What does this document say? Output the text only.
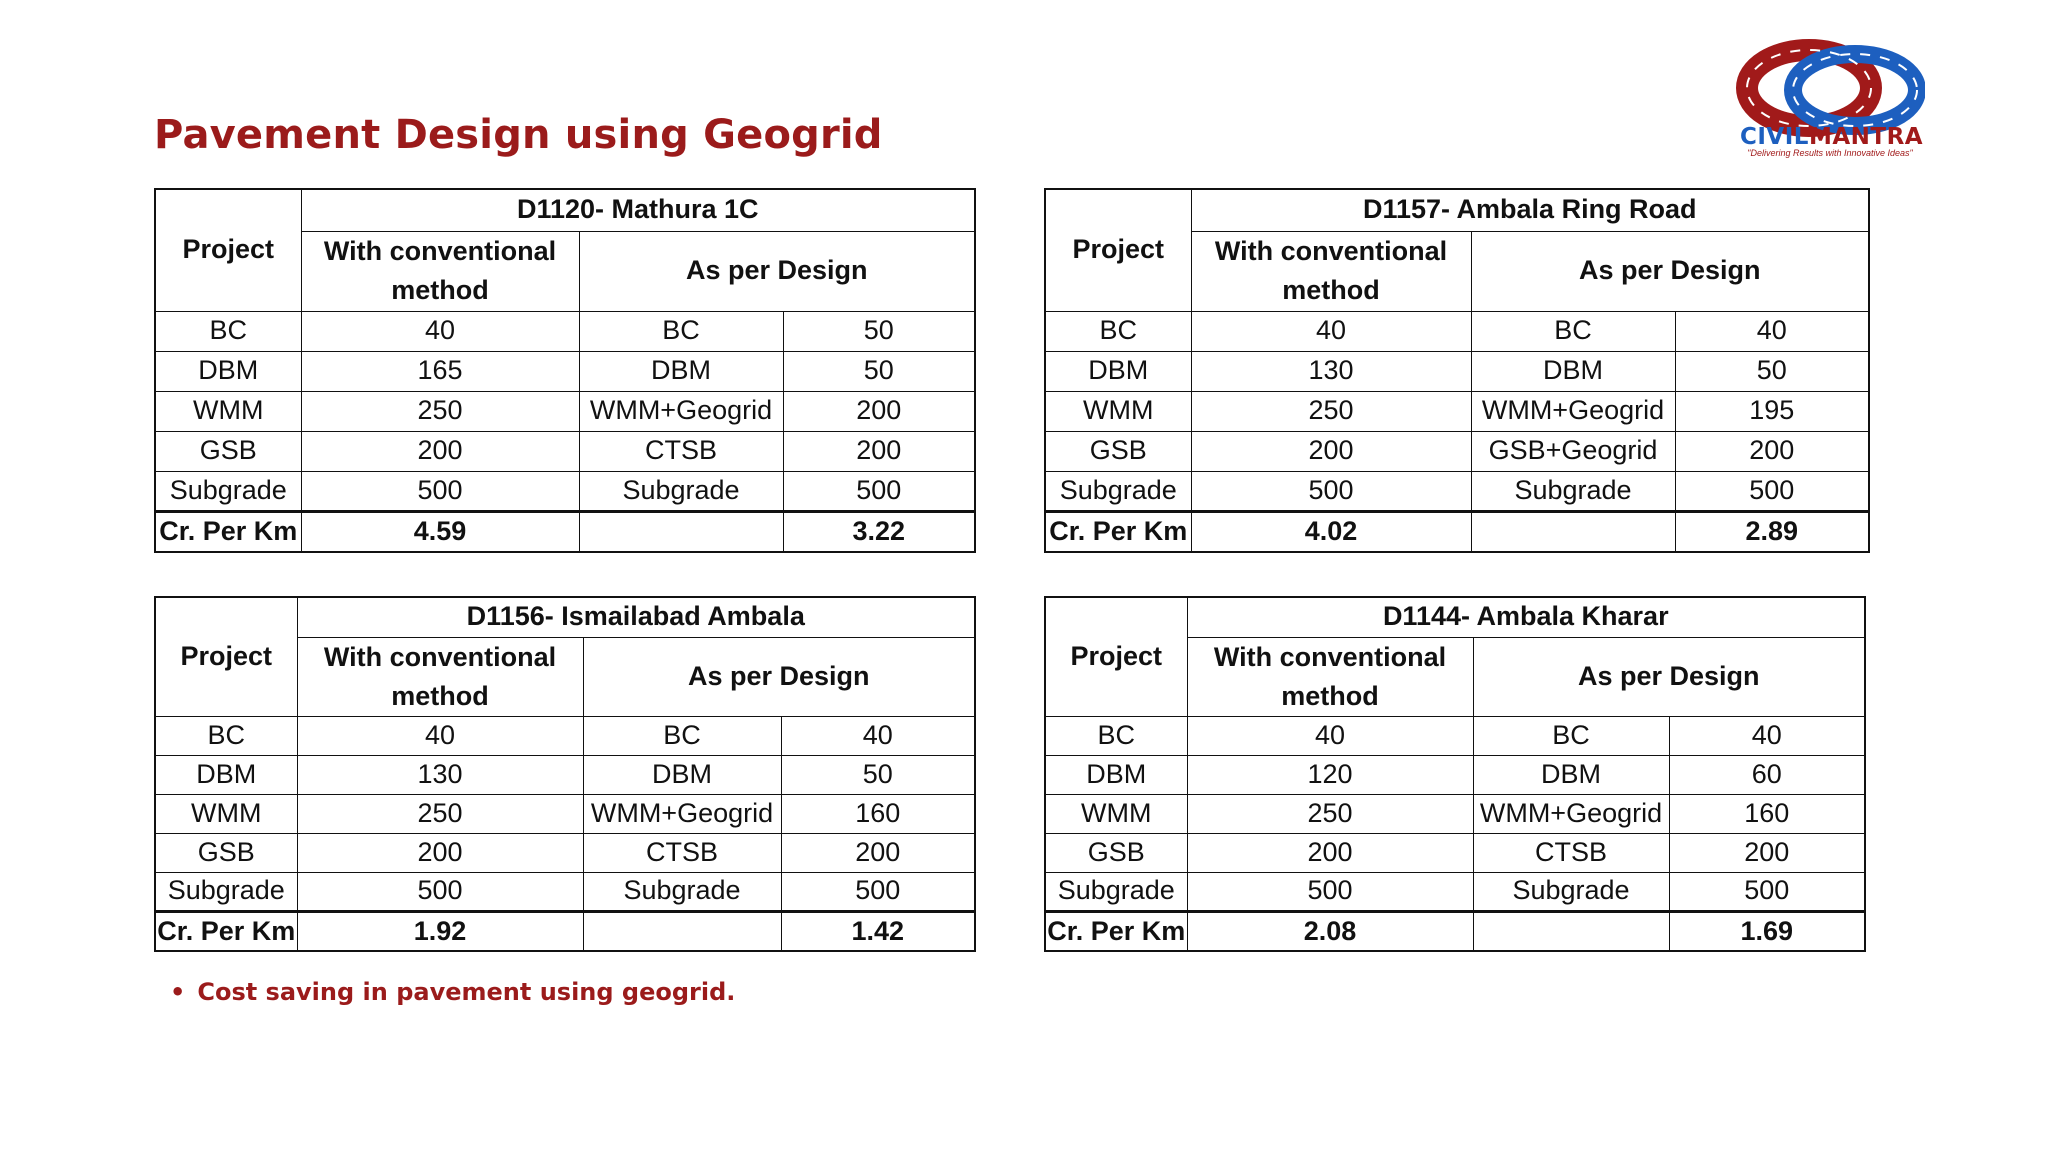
Pavement Design using Geogrid	CIVILMANTRA
"Delivering Results with Innovative Ideas"
Project	D1120- Mathura 1C		
	With conventional method	As per Design	
BC	40	BC	50
DBM	165	DBM	50
WMM	250	WMM+Geogrid	200
GSB	200	CTSB	200
Subgrade	500	Subgrade	500
Cr. Per Km	4.59		3.22
Project	D1157- Ambala Ring Road		
	With conventional method	As per Design	
BC	40	BC	40
DBM	130	DBM	50
WMM	250	WMM+Geogrid	195
GSB	200	GSB+Geogrid	200
Subgrade	500	Subgrade	500
Cr. Per Km	4.02		2.89
Project	D1156- Ismailabad Ambala		
	With conventional method	As per Design	
BC	40	BC	40
DBM	130	DBM	50
WMM	250	WMM+Geogrid	160
GSB	200	CTSB	200
Subgrade	500	Subgrade	500
Cr. Per Km	1.92		1.42
Project	D1144- Ambala Kharar		
	With conventional method	As per Design	
BC	40	BC	40
DBM	120	DBM	60
WMM	250	WMM+Geogrid	160
GSB	200	CTSB	200
Subgrade	500	Subgrade	500
Cr. Per Km	2.08		1.69
• Cost saving in pavement using geogrid.
